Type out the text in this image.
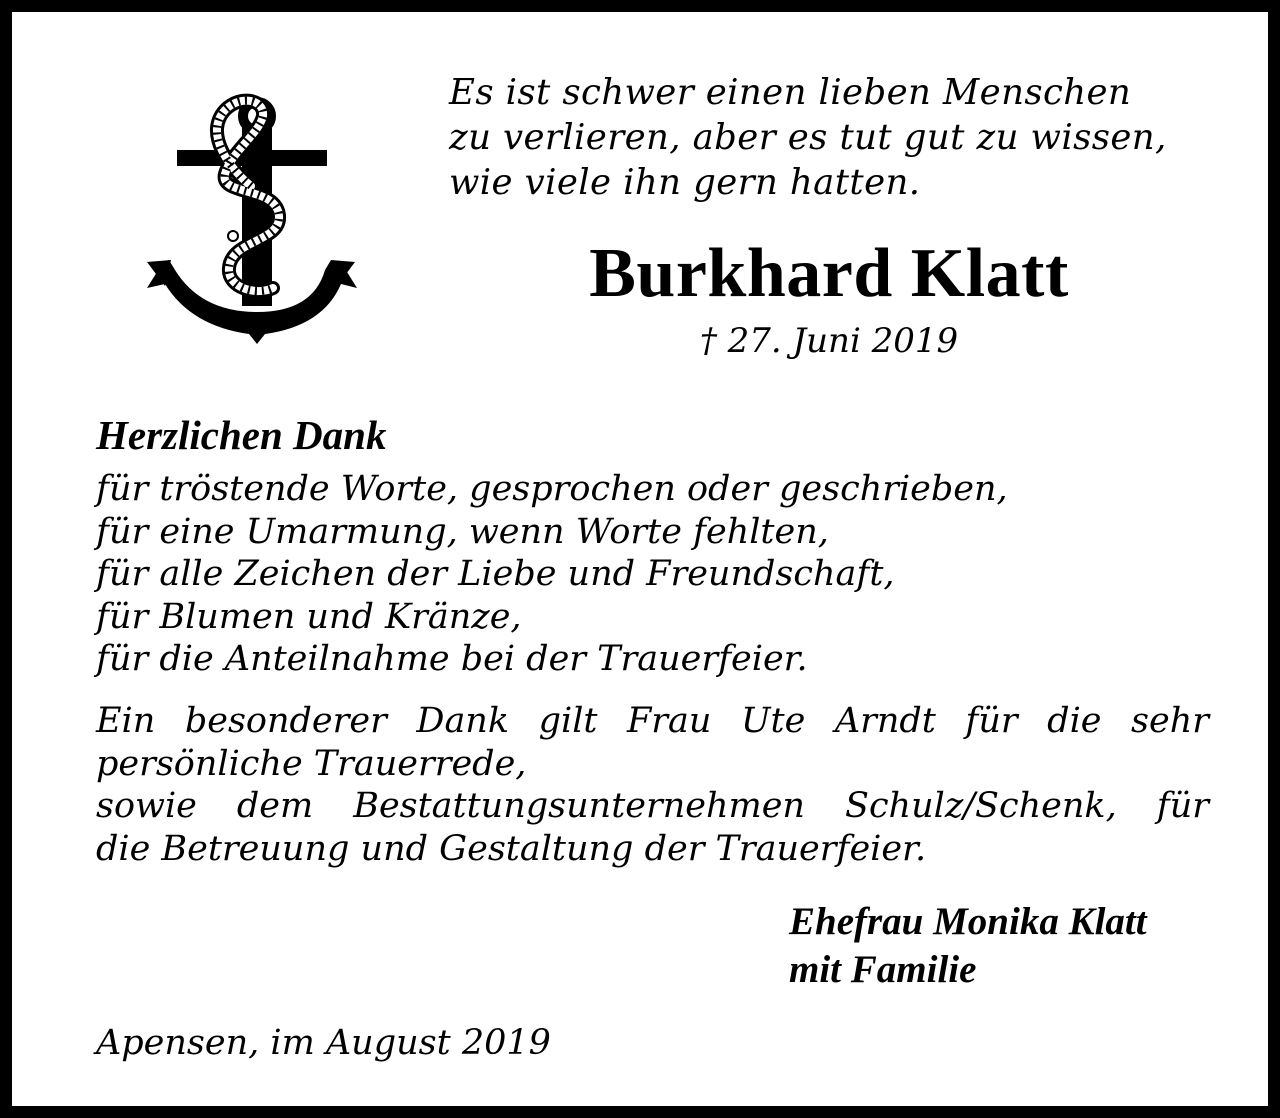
Es ist schwer einen lieben Menschen
zu verlieren, aber es tut gut zu wissen,
wie viele ihn gern hatten.
Burkhard Klatt
† 27. Juni 2019
Herzlichen Dank
für tröstende Worte, gesprochen oder geschrieben,
für eine Umarmung, wenn Worte fehlten,
für alle Zeichen der Liebe und Freundschaft,
für Blumen und Kränze,
für die Anteilnahme bei der Trauerfeier.
Ein besonderer Dank gilt Frau Ute Arndt für die sehr
persönliche Trauerrede,
sowie dem Bestattungsunternehmen Schulz/Schenk, für
die Betreuung und Gestaltung der Trauerfeier.
Ehefrau Monika Klatt
mit Familie
Apensen, im August 2019
